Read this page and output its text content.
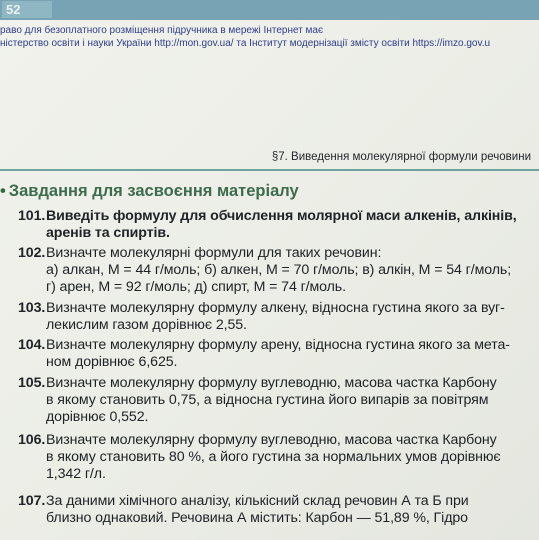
52
раво для безоплатного розміщення підручника в мережі Інтернет має
ністерство освіти і науки України http://mon.gov.ua/ та Інститут модернізації змісту освіти https://imzo.gov.u
§7. Виведення молекулярної формули речовини
• Завдання для засвоєння матеріалу
101.Виведіть формулу для обчислення молярної маси алкенів, алкінів,
аренів та спиртів.
102.Визначте молекулярні формули для таких речовин:
а) алкан, M = 44 г/моль; б) алкен, M = 70 г/моль; в) алкін, M = 54 г/моль;
г) арен, M = 92 г/моль; д) спирт, M = 74 г/моль.
103.Визначте молекулярну формулу алкену, відносна густина якого за вуг-
лекислим газом дорівнює 2,55.
104.Визначте молекулярну формулу арену, відносна густина якого за мета-
ном дорівнює 6,625.
105.Визначте молекулярну формулу вуглеводню, масова частка Карбону
в якому становить 0,75, а відносна густина його випарів за повітрям
дорівнює 0,552.
106.Визначте молекулярну формулу вуглеводню, масова частка Карбону
в якому становить 80 %, а його густина за нормальних умов дорівнює
1,342 г/л.
107.За даними хімічного аналізу, кількісний склад речовин А та Б при
близно однаковий. Речовина А містить: Карбон — 51,89 %, Гідро
